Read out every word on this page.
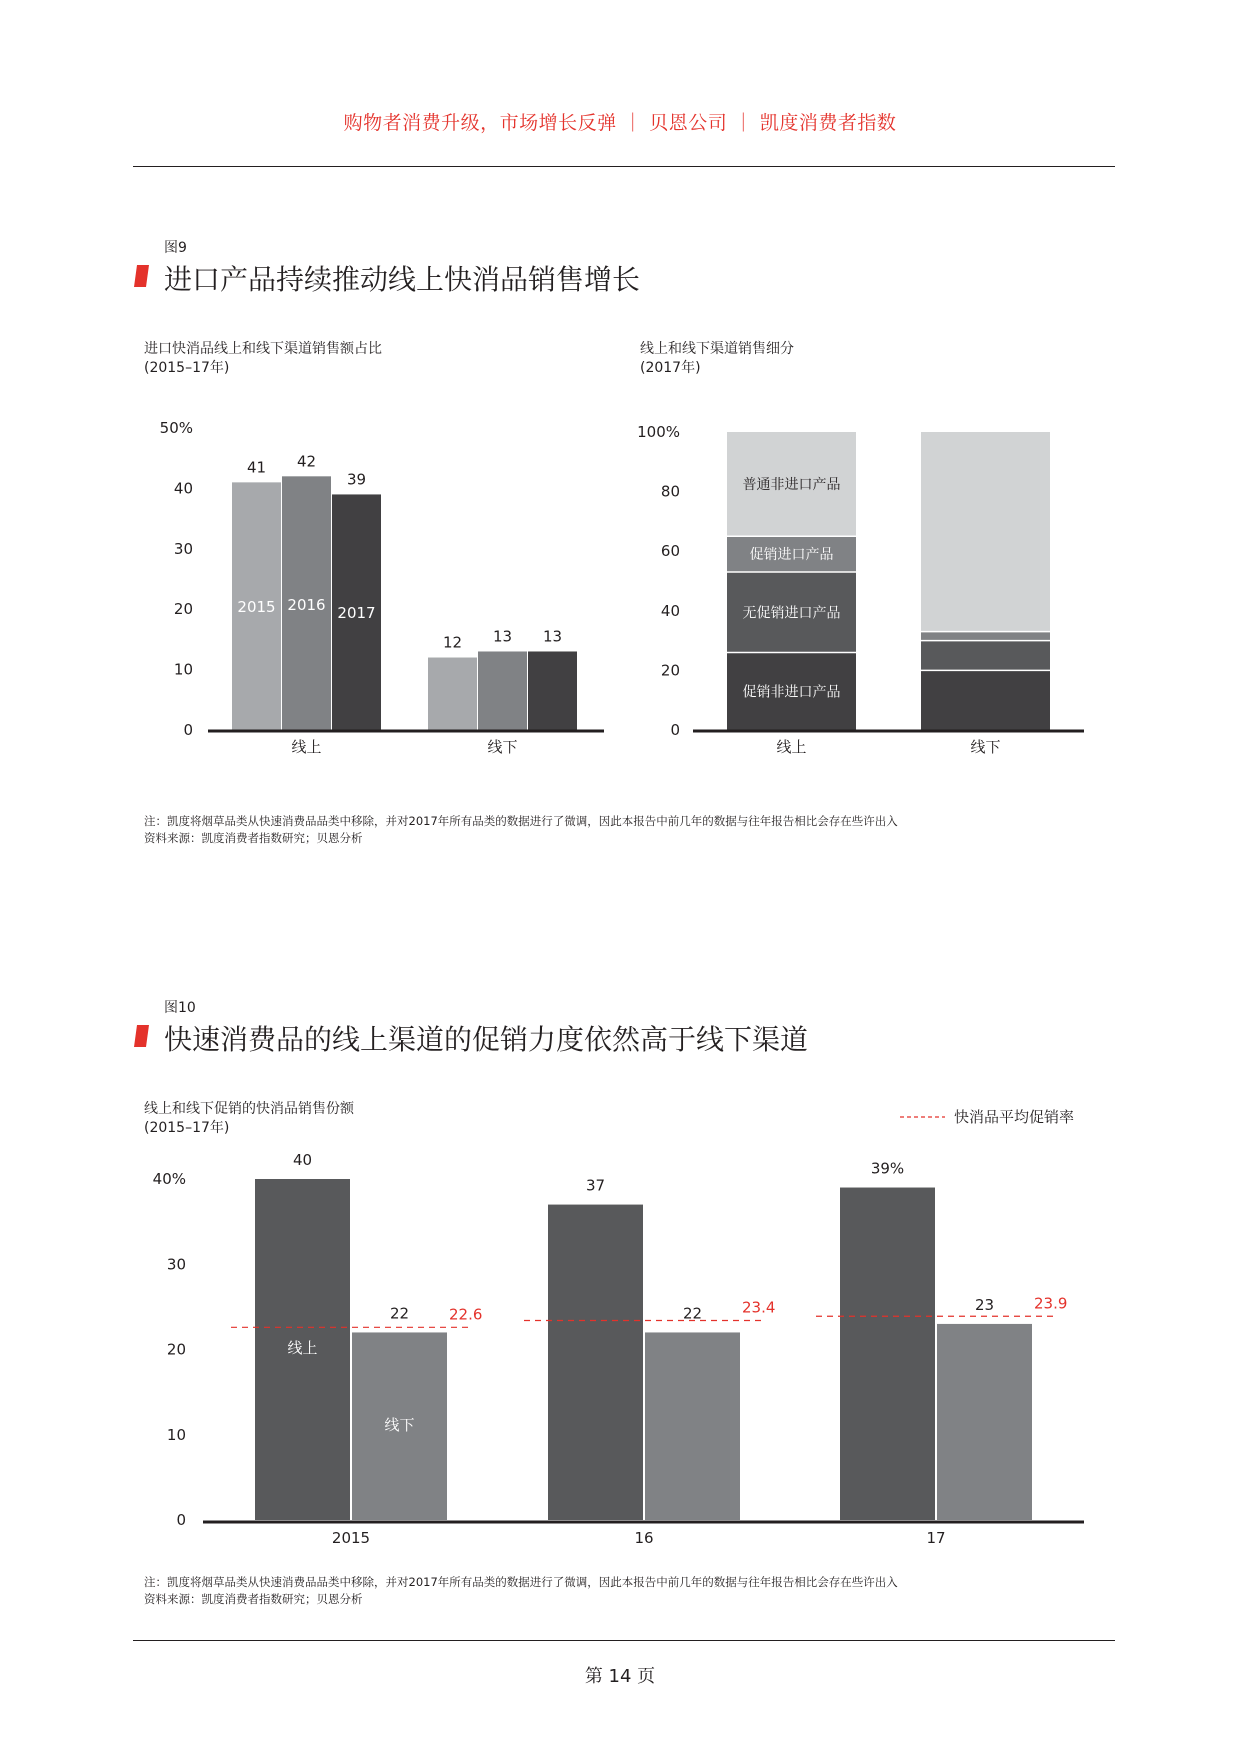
购物者消费升级，市场增长反弹 ｜ 贝恩公司 ｜ 凯度消费者指数
图9
进口产品持续推动线上快消品销售增长
进口快消品线上和线下渠道销售额占比
(2015–17年)
线上和线下渠道销售细分
(2017年)
0
10
20
30
40
50%
41
2015
42
2016
39
2017
线上
12 13 13
线下
0
20
40
60
80
100%
促销非进口产品
无促销进口产品
促销进口产品
普通非进口产品
线上	线下
0
10
20
30
40%
40
线上
22
线下
22.6
2015
37
22	23.4
16
39%
23	23.9
17
快消品平均促销率
注：凯度将烟草品类从快速消费品品类中移除，并对2017年所有品类的数据进行了微调，因此本报告中前几年的数据与往年报告相比会存在些许出入
资料来源：凯度消费者指数研究；贝恩分析
图10
快速消费品的线上渠道的促销力度依然高于线下渠道
线上和线下促销的快消品销售份额
(2015–17年)
注：凯度将烟草品类从快速消费品品类中移除，并对2017年所有品类的数据进行了微调，因此本报告中前几年的数据与往年报告相比会存在些许出入
资料来源：凯度消费者指数研究；贝恩分析
第 14 页
